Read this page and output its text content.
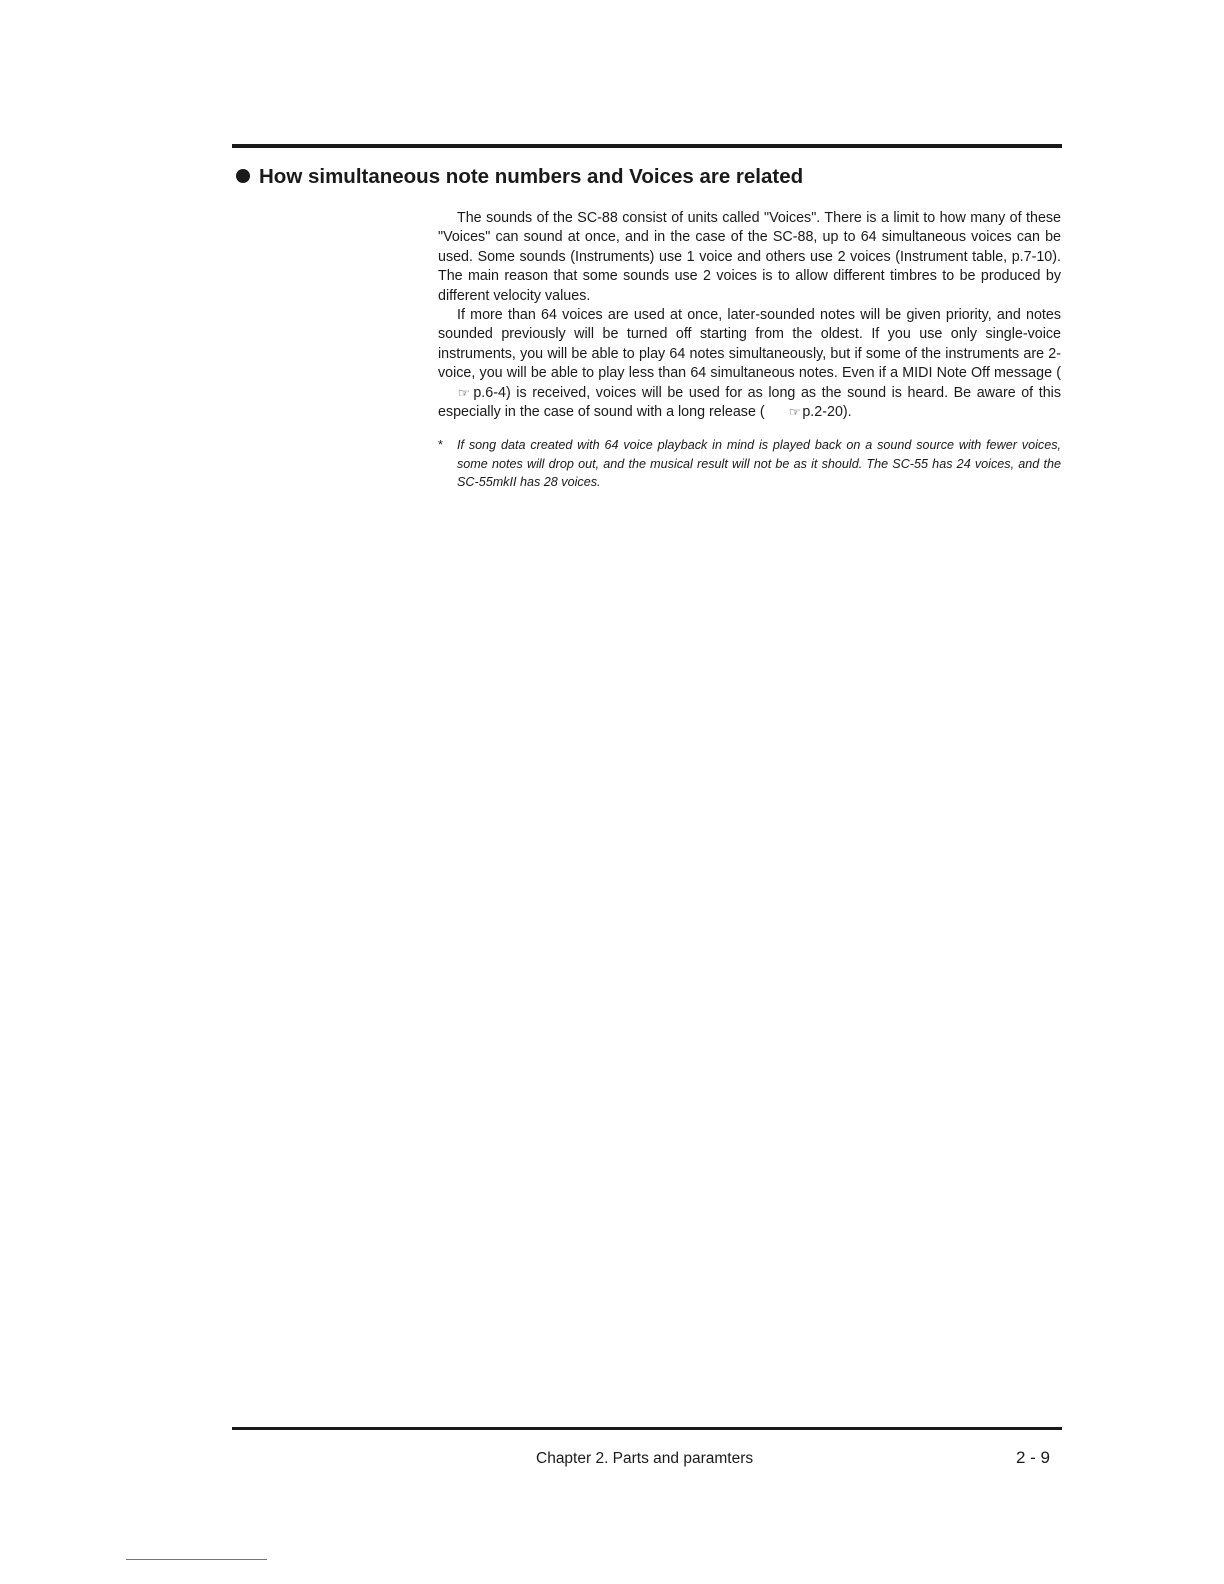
How simultaneous note numbers and Voices are related

The sounds of the SC-88 consist of units called "Voices". There is a limit to how many of these "Voices" can sound at once, and in the case of the SC-88, up to 64 simultaneous voices can be used. Some sounds (Instruments) use 1 voice and others use 2 voices (Instrument table, p.7-10). The main reason that some sounds use 2 voices is to allow different timbres to be produced by different velocity values.

If more than 64 voices are used at once, later-sounded notes will be given priority, and notes sounded previously will be turned off starting from the oldest. If you use only single-voice instruments, you will be able to play 64 notes simultaneously, but if some of the instruments are 2-voice, you will be able to play less than 64 simultaneous notes. Even if a MIDI Note Off message ( ☞ p.6-4) is received, voices will be used for as long as the sound is heard. Be aware of this especially in the case of sound with a long release ( ☞ p.2-20).

* If song data created with 64 voice playback in mind is played back on a sound source with fewer voices, some notes will drop out, and the musical result will not be as it should. The SC-55 has 24 voices, and the SC-55mkII has 28 voices.
Chapter 2. Parts and paramters	2 - 9
